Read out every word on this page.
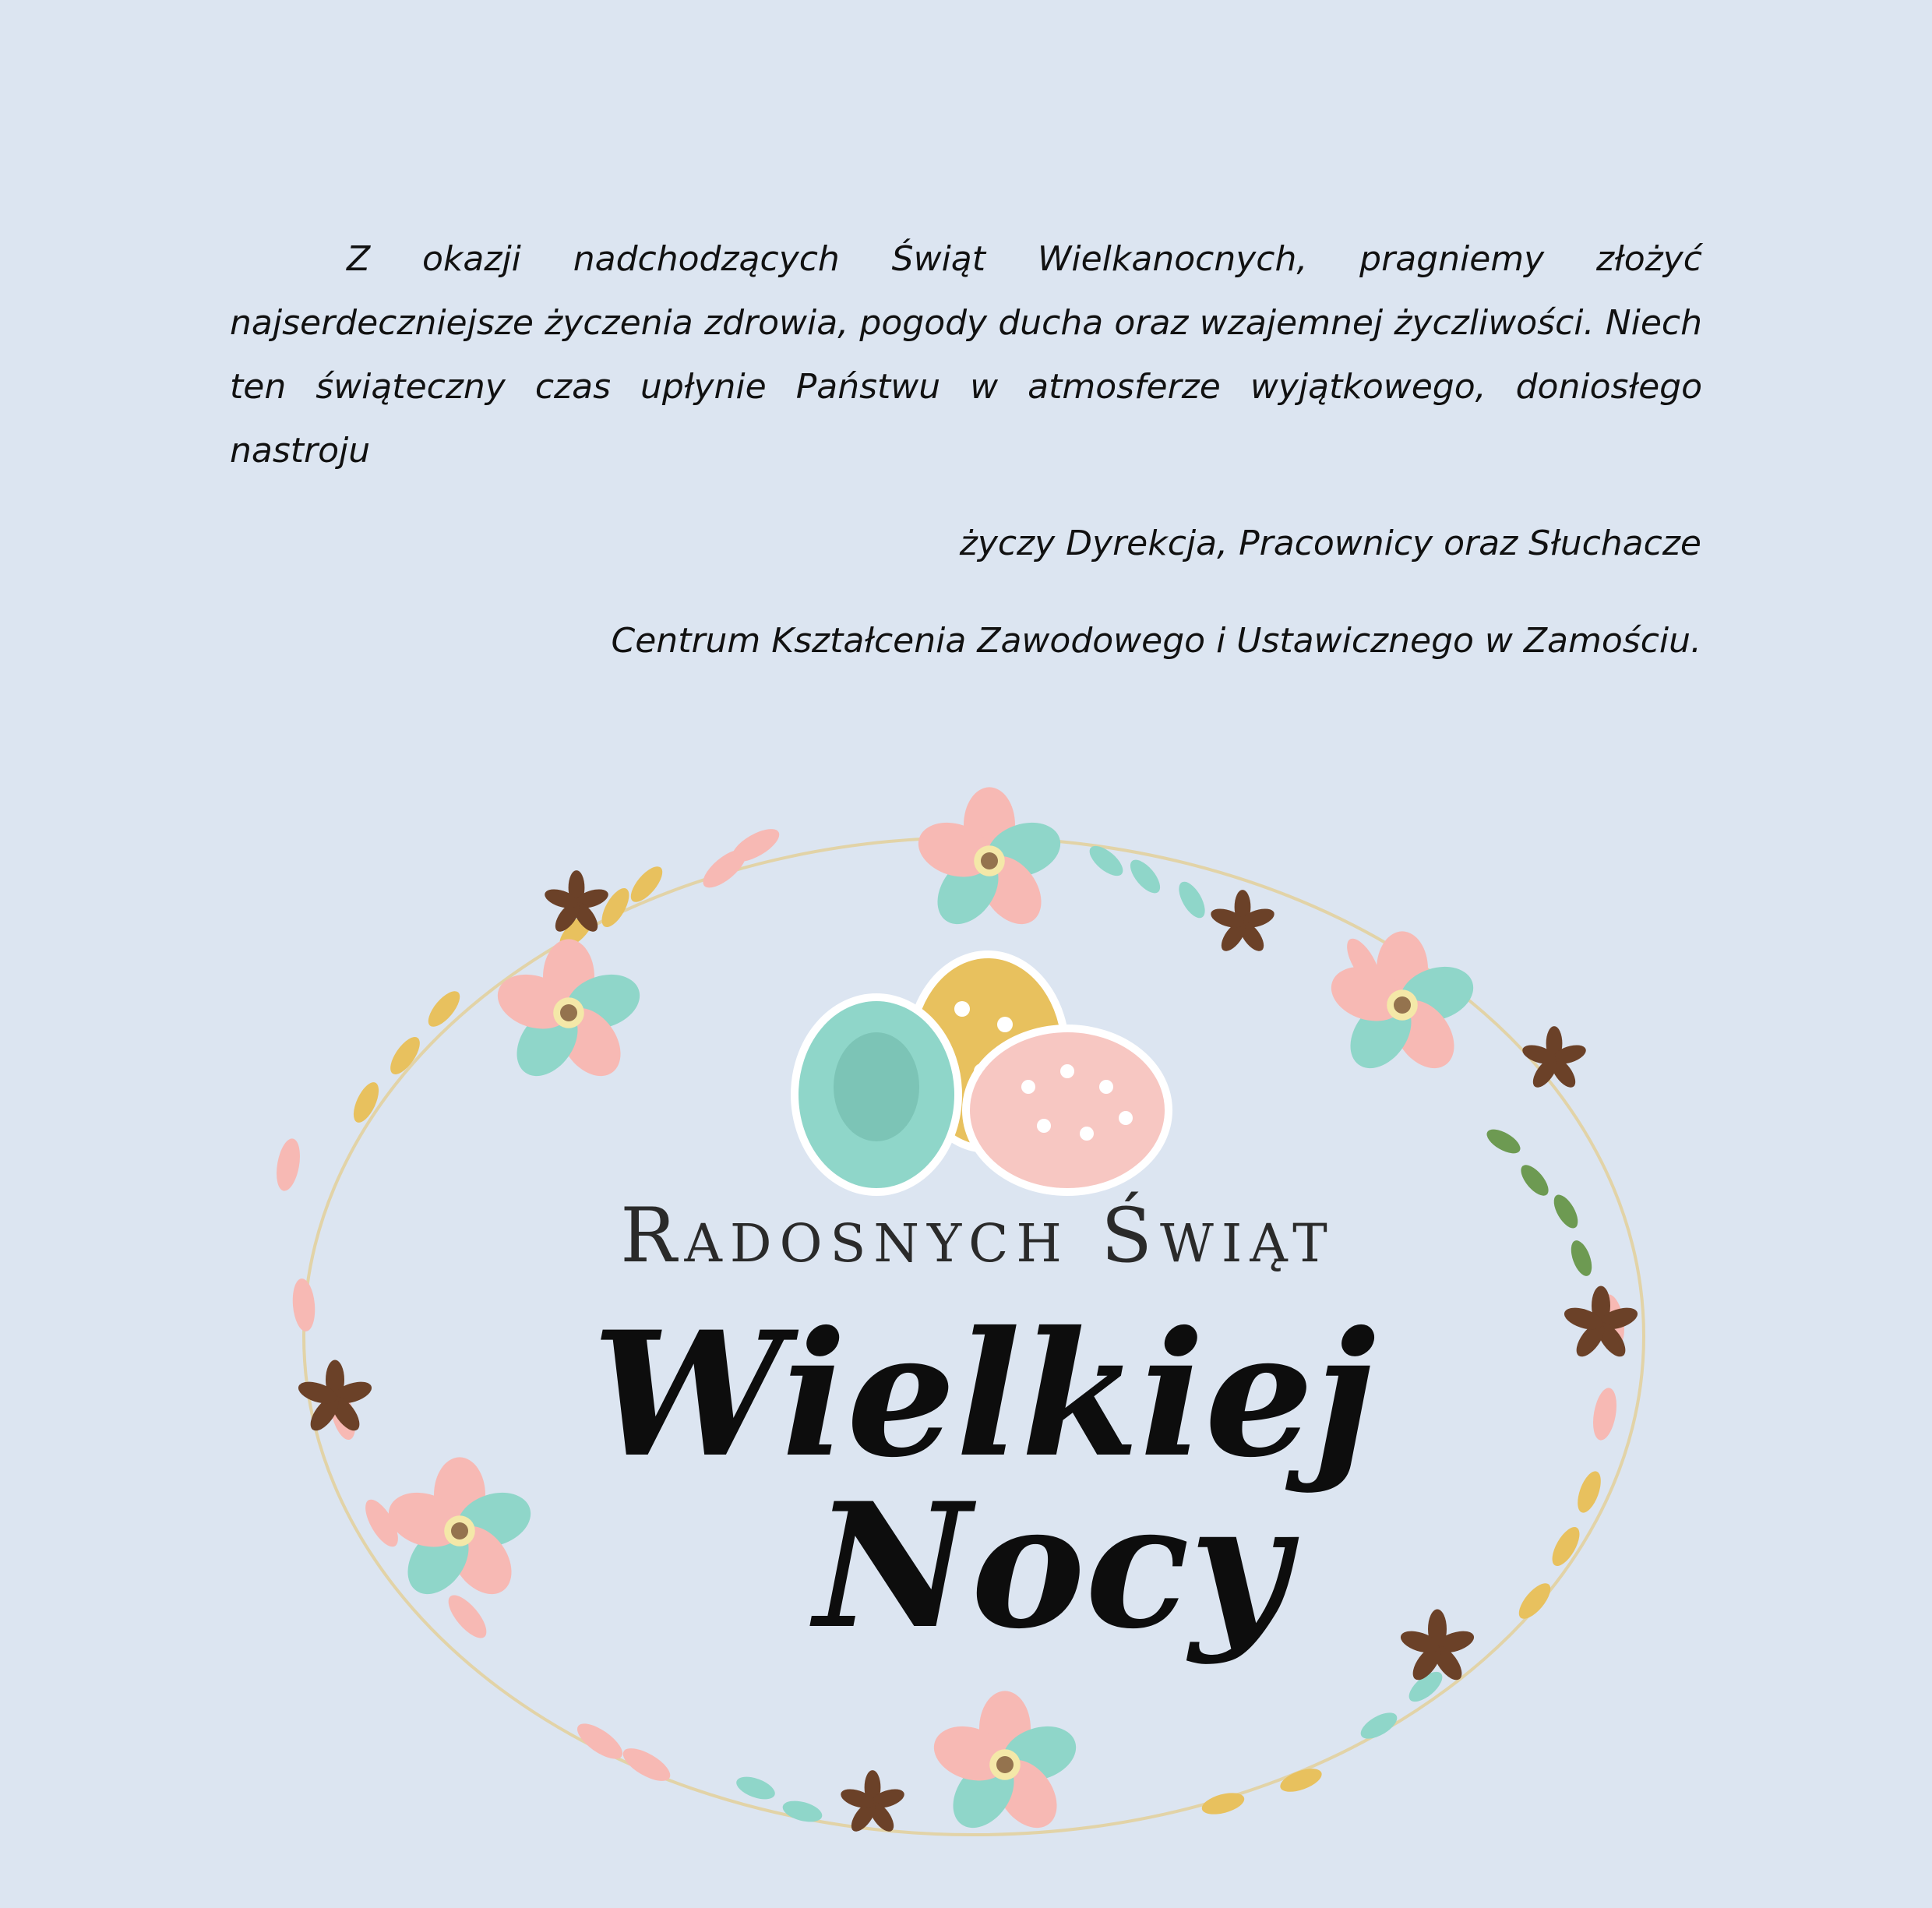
Z okazji nadchodzących Świąt Wielkanocnych, pragniemy złożyć najserdeczniejsze życzenia zdrowia, pogody ducha oraz wzajemnej życzliwości. Niech ten świąteczny czas upłynie Państwu w atmosferze wyjątkowego, doniosłego nastroju

życzy Dyrekcja, Pracownicy oraz Słuchacze
Centrum Kształcenia Zawodowego i Ustawicznego w Zamościu.
Radosnych Świąt
Wielkiej
Nocy
